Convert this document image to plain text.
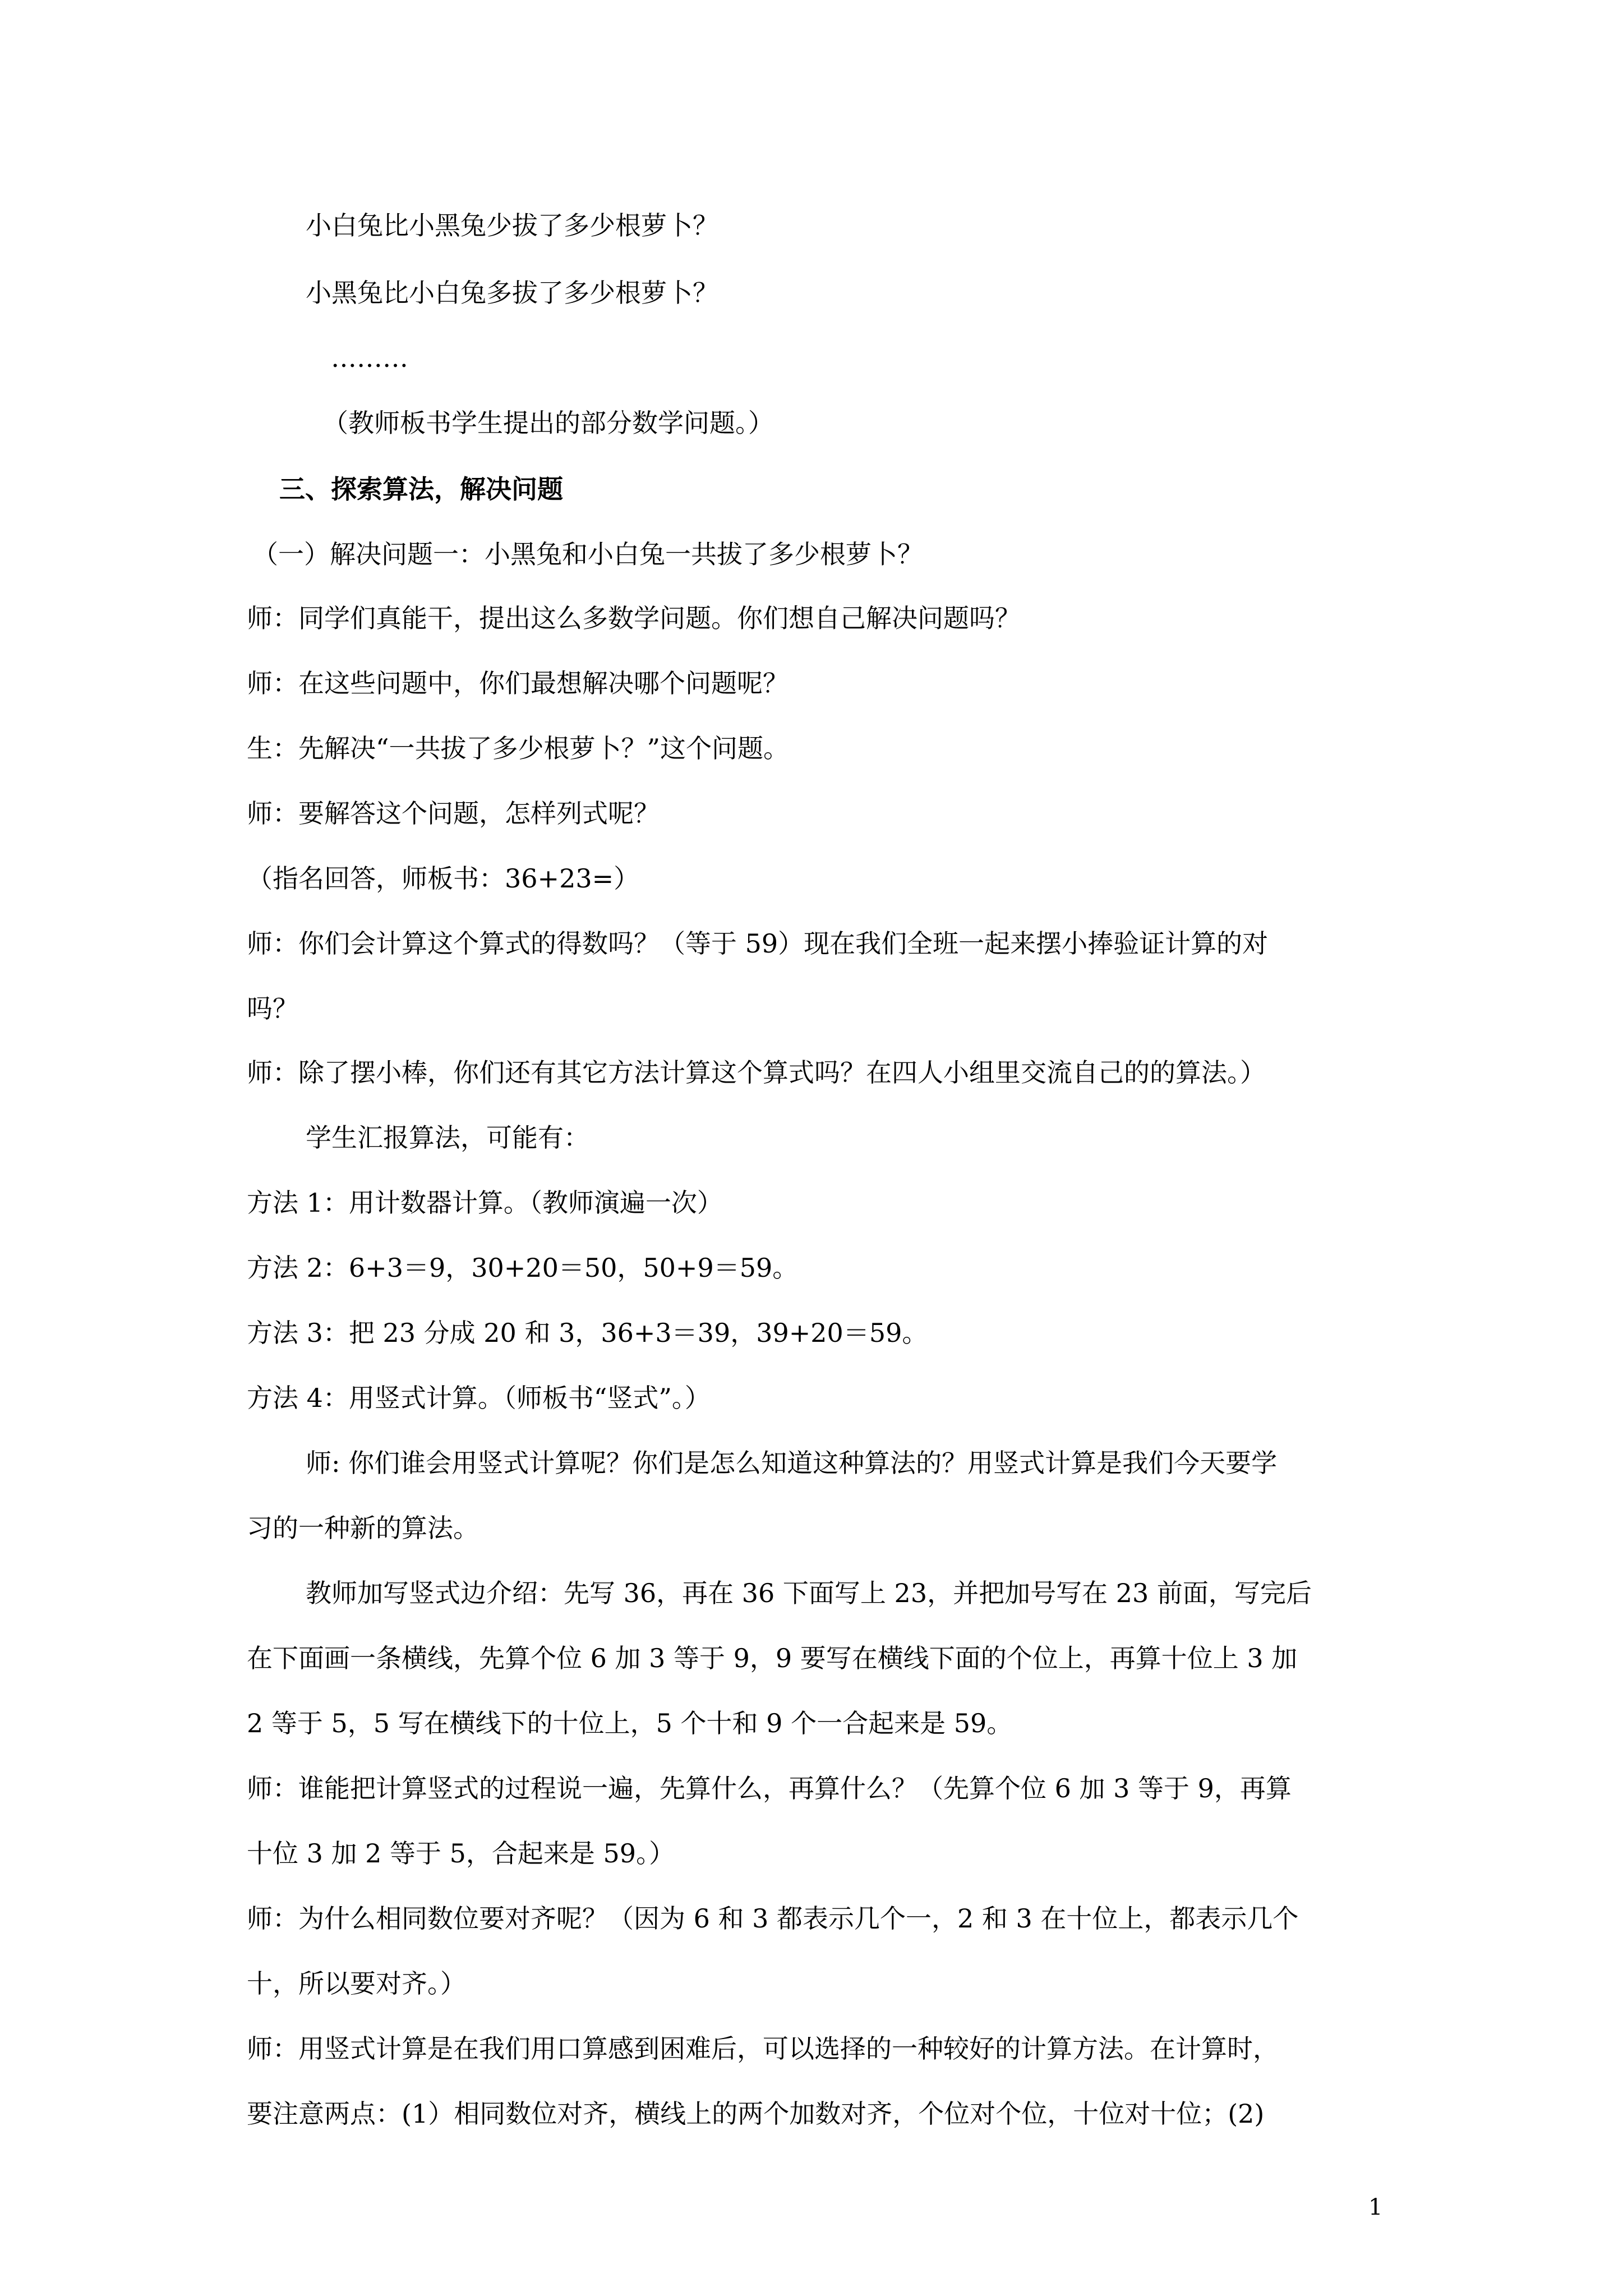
小白兔比小黑兔少拔了多少根萝卜？
小黑兔比小白兔多拔了多少根萝卜？
………
（教师板书学生提出的部分数学问题。）
三、探索算法，解决问题
（一）解决问题一：小黑兔和小白兔一共拔了多少根萝卜？
师：同学们真能干，提出这么多数学问题。你们想自己解决问题吗？
师：在这些问题中，你们最想解决哪个问题呢？
生：先解决“一共拔了多少根萝卜？”这个问题。
师：要解答这个问题，怎样列式呢？
（指名回答，师板书：36+23=）
师：你们会计算这个算式的得数吗？（等于 59）现在我们全班一起来摆小捧验证计算的对
吗？
师：除了摆小棒，你们还有其它方法计算这个算式吗？在四人小组里交流自己的的算法。）
学生汇报算法，可能有：
方法 1：用计数器计算。（教师演遍一次）
方法 2：6+3＝9，30+20＝50，50+9＝59。
方法 3：把 23 分成 20 和 3，36+3＝39，39+20＝59。
方法 4：用竖式计算。（师板书“竖式”。）
师: 你们谁会用竖式计算呢？你们是怎么知道这种算法的？用竖式计算是我们今天要学
习的一种新的算法。
教师加写竖式边介绍：先写 36，再在 36 下面写上 23，并把加号写在 23 前面，写完后
在下面画一条横线，先算个位 6 加 3 等于 9，9 要写在横线下面的个位上，再算十位上 3 加
2 等于 5，5 写在横线下的十位上，5 个十和 9 个一合起来是 59。
师：谁能把计算竖式的过程说一遍，先算什么，再算什么？（先算个位 6 加 3 等于 9，再算
十位 3 加 2 等于 5，合起来是 59。）
师：为什么相同数位要对齐呢？（因为 6 和 3 都表示几个一，2 和 3 在十位上，都表示几个
十，所以要对齐。）
师：用竖式计算是在我们用口算感到困难后，可以选择的一种较好的计算方法。在计算时，
要注意两点：(1）相同数位对齐，横线上的两个加数对齐，个位对个位，十位对十位；(2)
1
